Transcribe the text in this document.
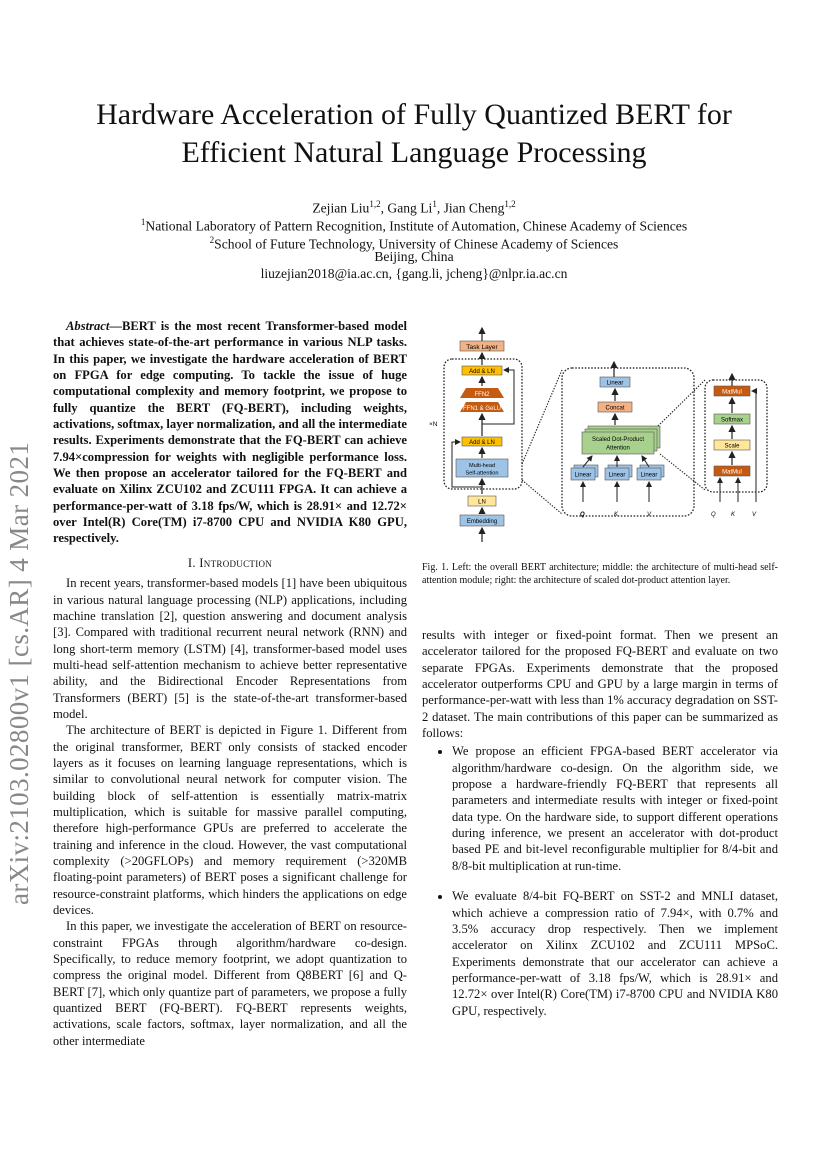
arXiv:2103.02800v1 [cs.AR] 4 Mar 2021
Hardware Acceleration of Fully Quantized BERT for
Efficient Natural Language Processing
Zejian Liu$^{1,2}$, Gang Li$^1$, Jian Cheng$^{1,2}$
$^1$National Laboratory of Pattern Recognition, Institute of Automation, Chinese Academy of Sciences
$^2$School of Future Technology, University of Chinese Academy of Sciences
Beijing, China
liuzejian2018@ia.ac.cn, {gang.li, jcheng}@nlpr.ia.ac.cn

Abstract—BERT is the most recent Transformer-based model that achieves state-of-the-art performance in various NLP tasks. In this paper, we investigate the hardware acceleration of BERT on FPGA for edge computing. To tackle the issue of huge computational complexity and memory footprint, we propose to fully quantize the BERT (FQ-BERT), including weights, activations, softmax, layer normalization, and all the intermediate results. Experiments demonstrate that the FQ-BERT can achieve 7.94×compression for weights with negligible performance loss. We then propose an accelerator tailored for the FQ-BERT and evaluate on Xilinx ZCU102 and ZCU111 FPGA. It can achieve a performance-per-watt of 3.18 fps/W, which is 28.91× and 12.72× over Intel(R) Core(TM) i7-8700 CPU and NVIDIA K80 GPU, respectively.

I. Introduction

In recent years, transformer-based models [1] have been ubiquitous in various natural language processing (NLP) applications, including machine translation [2], question answering and document analysis [3]. Compared with traditional recurrent neural network (RNN) and long short-term memory (LSTM) [4], transformer-based model uses multi-head self-attention mechanism to achieve better representative ability, and the Bidirectional Encoder Representations from Transformers (BERT) [5] is the state-of-the-art transformer-based model.

The architecture of BERT is depicted in Figure 1. Different from the original transformer, BERT only consists of stacked encoder layers as it focuses on learning language representations, which is similar to convolutional neural network for computer vision. The building block of self-attention is essentially matrix-matrix multiplication, which is suitable for massive parallel computing, therefore high-performance GPUs are preferred to accelerate the training and inference in the cloud. However, the vast computational complexity (>20GFLOPs) and memory requirement (>320MB floating-point parameters) of BERT poses a significant challenge for resource-constraint platforms, which hinders the applications on edge devices.

In this paper, we investigate the acceleration of BERT on resource-constraint FPGAs through algorithm/hardware co-design. Specifically, to reduce memory footprint, we adopt quantization to compress the original model. Different from Q8BERT [6] and Q-BERT [7], which only quantize part of parameters, we propose a fully quantized BERT (FQ-BERT). FQ-BERT represents weights, activations, scale factors, softmax, layer normalization, and all the other intermediate

Task Layer
×N
Add & LN
FFN2
FFN1 & GeLU
Add & LN
Multi-head
Self-attention
LN
Embedding
Linear
Concat
Scaled Dot-Product
Attention
Linear	Linear	Linear
Q	K	V
MatMul
Softmax
Scale
MatMul
Q	K	V
Fig. 1. Left: the overall BERT architecture; middle: the architecture of multi-head self-attention module; right: the architecture of scaled dot-product attention layer.

results with integer or fixed-point format. Then we present an accelerator tailored for the proposed FQ-BERT and evaluate on two separate FPGAs. Experiments demonstrate that the proposed accelerator outperforms CPU and GPU by a large margin in terms of performance-per-watt with less than 1% accuracy degradation on SST-2 dataset. The main contributions of this paper can be summarized as follows:

• We propose an efficient FPGA-based BERT accelerator via algorithm/hardware co-design. On the algorithm side, we propose a hardware-friendly FQ-BERT that represents all parameters and intermediate results with integer or fixed-point data type. On the hardware side, to support different operations during inference, we present an accelerator with dot-product based PE and bit-level reconfigurable multiplier for 8/4-bit and 8/8-bit multiplication at run-time.
• We evaluate 8/4-bit FQ-BERT on SST-2 and MNLI dataset, which achieve a compression ratio of 7.94×, with 0.7% and 3.5% accuracy drop respectively. Then we implement accelerator on Xilinx ZCU102 and ZCU111 MPSoC. Experiments demonstrate that our accelerator can achieve a performance-per-watt of 3.18 fps/W, which is 28.91× and 12.72× over Intel(R) Core(TM) i7-8700 CPU and NVIDIA K80 GPU, respectively.
